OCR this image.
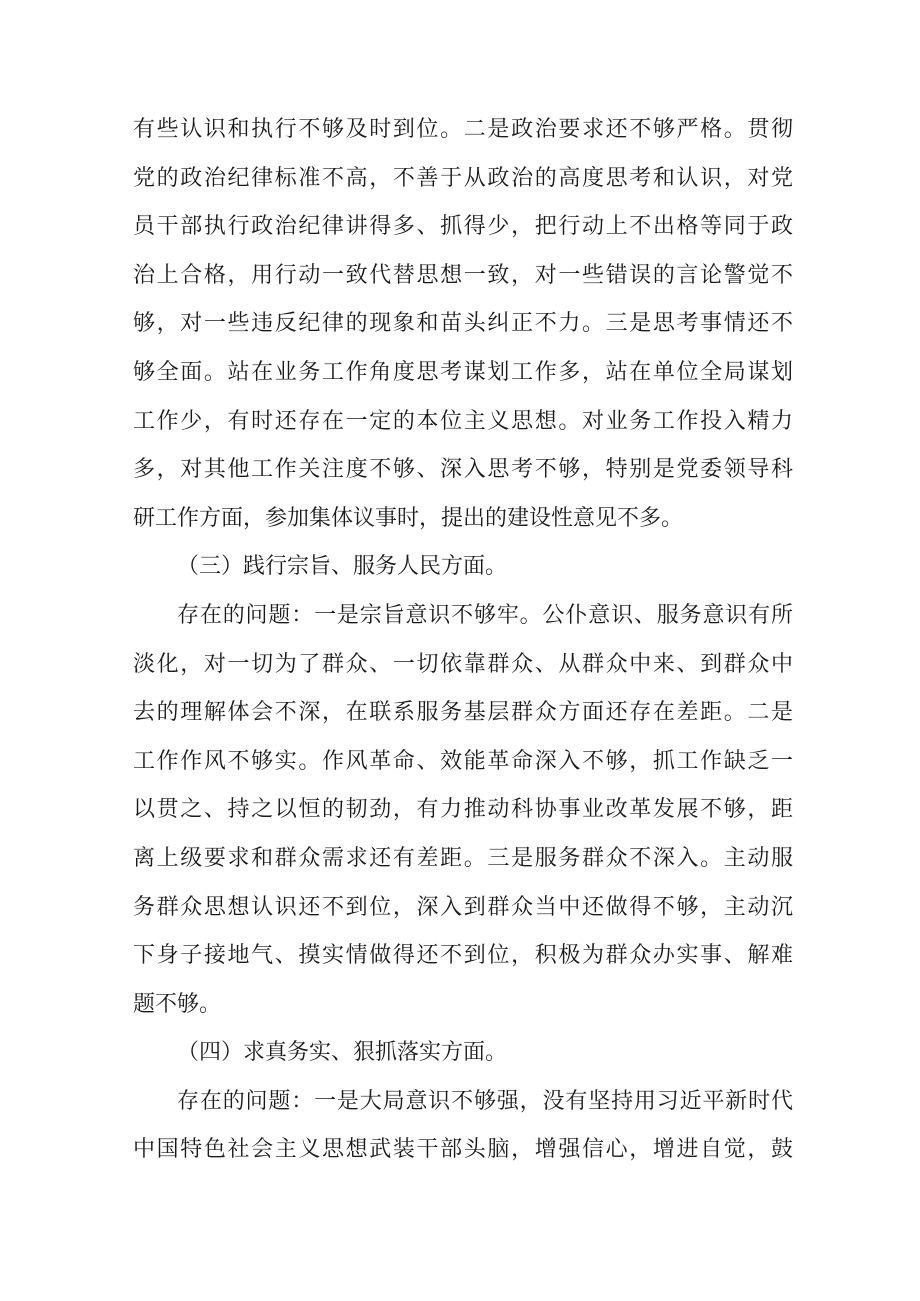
有些认识和执行不够及时到位。二是政治要求还不够严格。贯彻
党的政治纪律标准不高，不善于从政治的高度思考和认识，对党
员干部执行政治纪律讲得多、抓得少，把行动上不出格等同于政
治上合格，用行动一致代替思想一致，对一些错误的言论警觉不
够，对一些违反纪律的现象和苗头纠正不力。三是思考事情还不
够全面。站在业务工作角度思考谋划工作多，站在单位全局谋划
工作少，有时还存在一定的本位主义思想。对业务工作投入精力
多，对其他工作关注度不够、深入思考不够，特别是党委领导科
研工作方面，参加集体议事时，提出的建设性意见不多。
（三）践行宗旨、服务人民方面。
存在的问题：一是宗旨意识不够牢。公仆意识、服务意识有所
淡化，对一切为了群众、一切依靠群众、从群众中来、到群众中
去的理解体会不深，在联系服务基层群众方面还存在差距。二是
工作作风不够实。作风革命、效能革命深入不够，抓工作缺乏一
以贯之、持之以恒的韧劲，有力推动科协事业改革发展不够，距
离上级要求和群众需求还有差距。三是服务群众不深入。主动服
务群众思想认识还不到位，深入到群众当中还做得不够，主动沉
下身子接地气、摸实情做得还不到位，积极为群众办实事、解难
题不够。
（四）求真务实、狠抓落实方面。
存在的问题：一是大局意识不够强，没有坚持用习近平新时代
中国特色社会主义思想武装干部头脑，增强信心，增进自觉，鼓
